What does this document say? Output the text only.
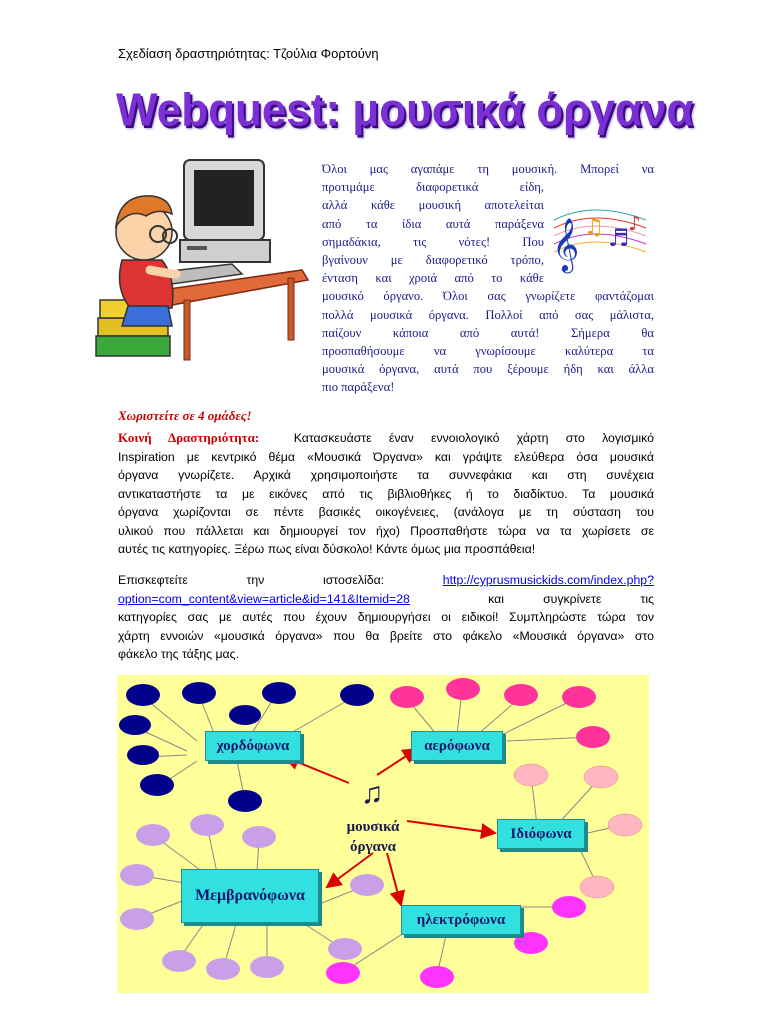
Σχεδίαση δραστηριότητας: Τζούλια Φορτούνη
Webquest: μουσικά όργανα
𝄞 ♫ ♬
♪
Όλοι μας αγαπάμε τη μουσική. Μπορεί να
προτιμάμε διαφορετικά είδη,
αλλά κάθε μουσική αποτελείται
από τα ίδια αυτά παράξενα
σημαδάκια, τις νότες! Που
βγαίνουν με διαφορετικό τρόπο,
ένταση και χροιά από το κάθε
μουσικό όργανο. Όλοι σας γνωρίζετε φαντάζομαι
πολλά μουσικά όργανα. Πολλοί από σας μάλιστα,
παίζουν κάποια από αυτά! Σήμερα θα
προσπαθήσουμε να γνωρίσουμε καλύτερα τα
μουσικά όργανα, αυτά που ξέρουμε ήδη και άλλα
πιο παράξενα!
Χωριστείτε σε 4 ομάδες!
Κοινή Δραστηριότητα:	Κατασκευάστε έναν εννοιολογικό χάρτη στο λογισμικό
Inspiration με κεντρικό θέμα «Μουσικά Όργανα» και γράψτε ελεύθερα όσα μουσικά
όργανα γνωρίζετε. Αρχικά χρησιμοποιήστε τα συννεφάκια και στη συνέχεια
αντικαταστήστε τα με εικόνες από τις βιβλιοθήκες ή το διαδίκτυο. Τα μουσικά
όργανα χωρίζονται σε πέντε βασικές οικογένειες, (ανάλογα με τη σύσταση του
υλικού που πάλλεται και δημιουργεί τον ήχο) Προσπαθήστε τώρα να τα χωρίσετε σε
αυτές τις κατηγορίες. Ξέρω πως είναι δύσκολο! Κάντε όμως μια προσπάθεια!
Επισκεφτείτε την ιστοσελίδα:	http://cyprusmusickids.com/index.php?
option=com_content&view=article&id=141&Itemid=28	και συγκρίνετε τις
κατηγορίες σας με αυτές που έχουν δημιουργήσει οι ειδικοί! Συμπληρώστε τώρα τον
χάρτη εννοιών «μουσικά όργανα» που θα βρείτε στο φάκελο «Μουσικά όργανα» στο
φάκελο της τάξης μας.
χορδόφωνα	αερόφωνα
Ιδιόφωνα
Μεμβρανόφωνα
ηλεκτρόφωνα
♫
μουσικά
όργανα
